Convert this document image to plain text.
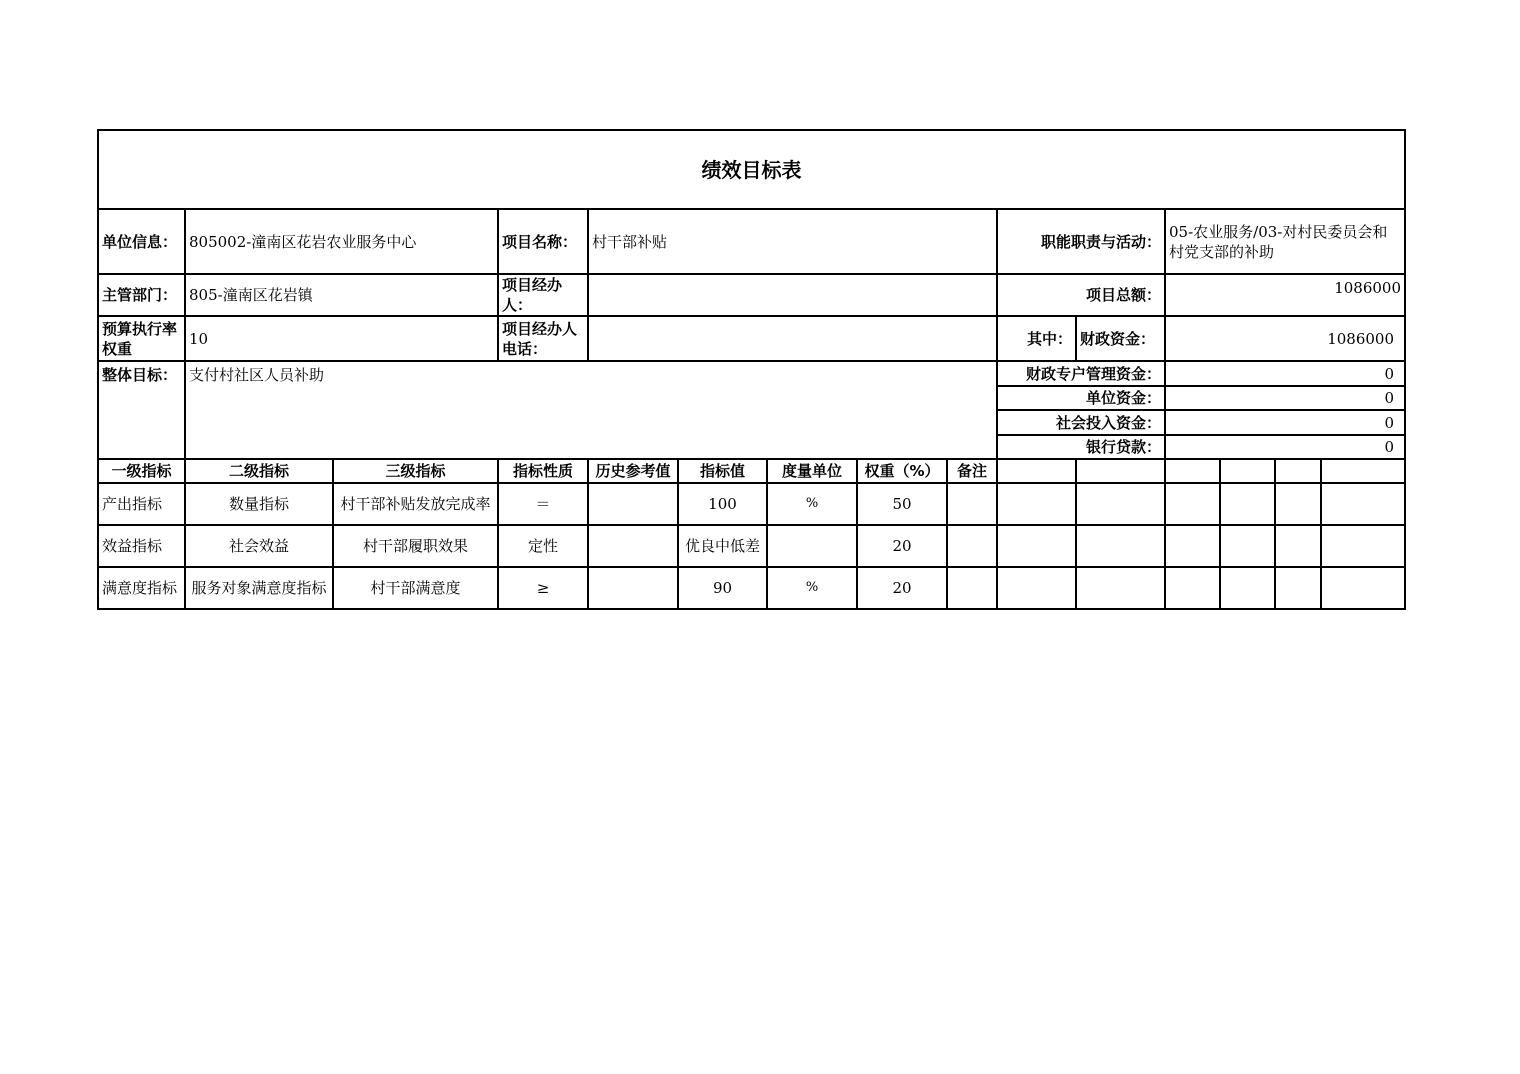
绩效目标表														
单位信息：	805002-潼南区花岩农业服务中心		项目名称：	村干部补贴					职能职责与活动：		05-农业服务/03-对村民委员会和村党支部的补助			
主管部门：	805-潼南区花岩镇		项目经办人：						项目总额：		1086000			
预算执行率权重	10		项目经办人电话：						其中：	财政资金：	1086000			
整体目标：	支付村社区人员补助								财政专户管理资金：		0			
									单位资金：		0			
									社会投入资金：		0			
									银行贷款：		0			
一级指标	二级指标	三级指标	指标性质	历史参考值	指标值	度量单位	权重（%）	备注						
产出指标	数量指标	村干部补贴发放完成率	＝		100	%	50							
效益指标	社会效益	村干部履职效果	定性		优良中低差		20							
满意度指标	服务对象满意度指标	村干部满意度	≥		90	%	20							
